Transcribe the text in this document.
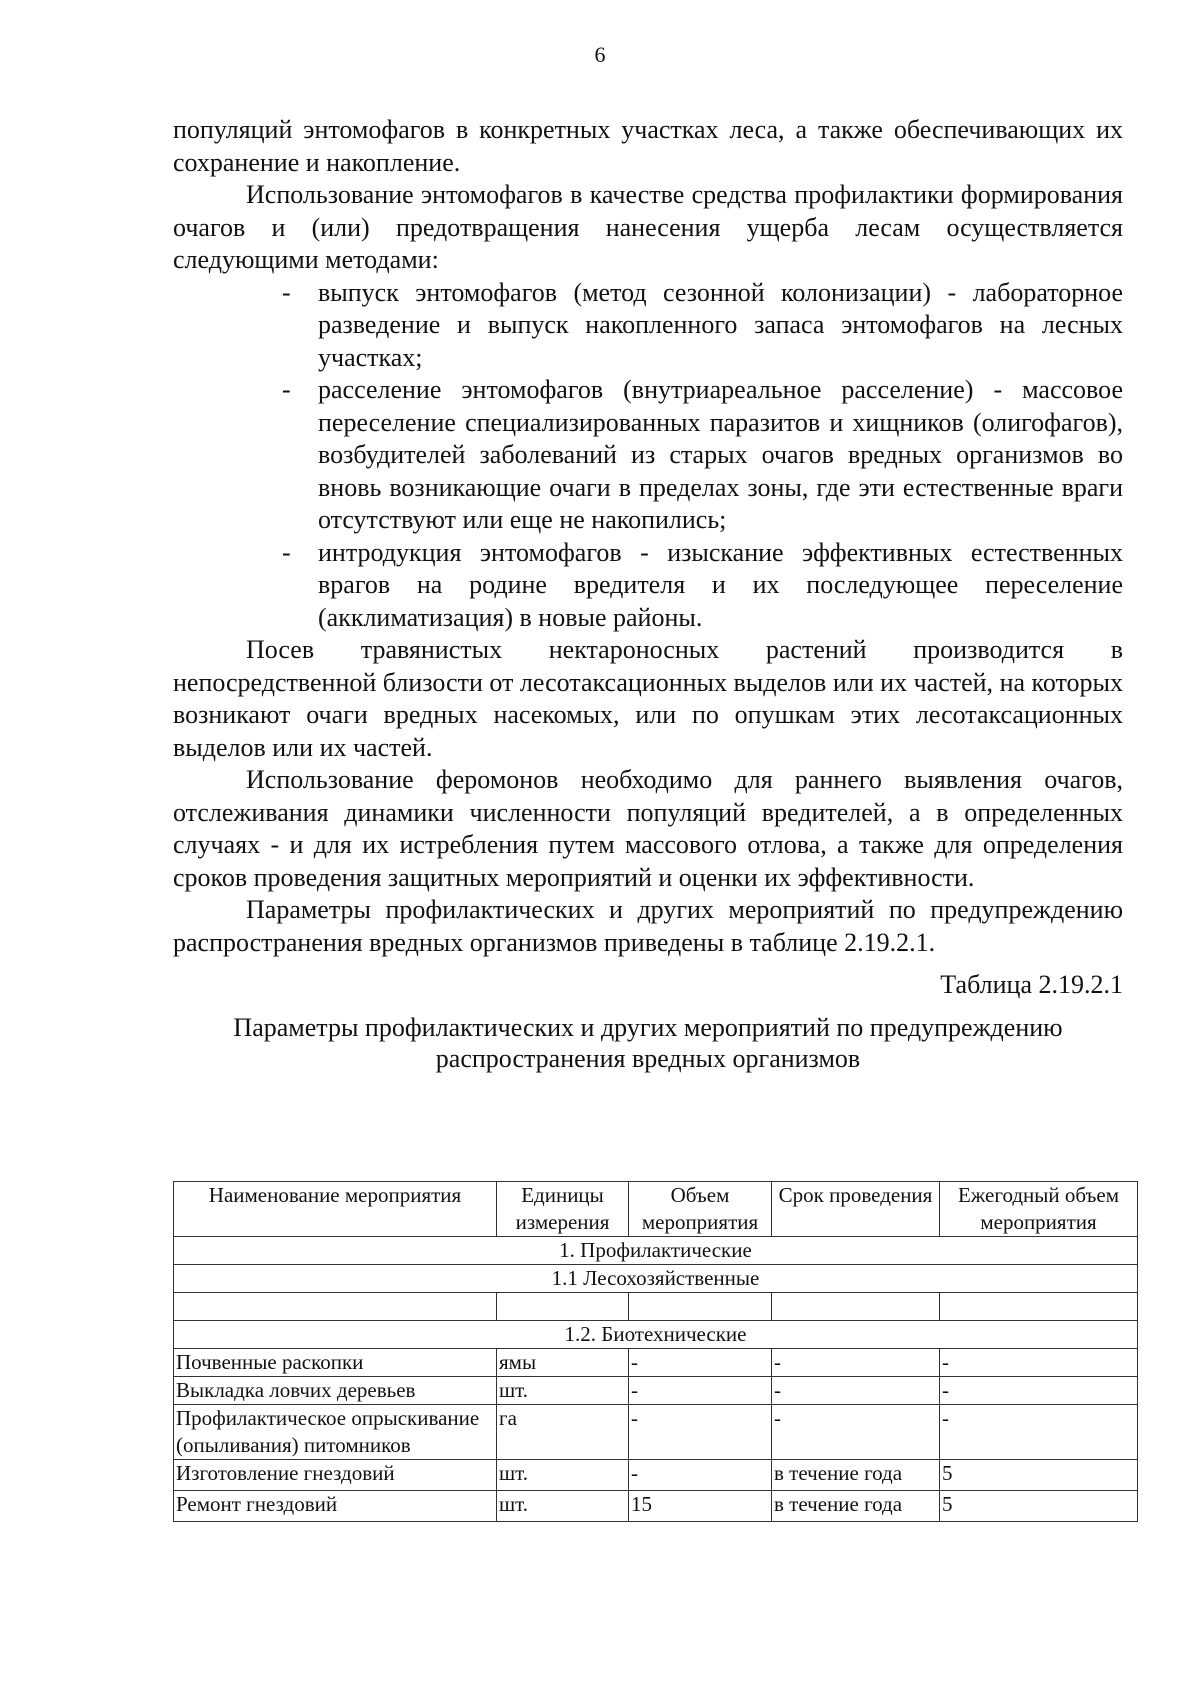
6

популяций энтомофагов в конкретных участках леса, а также обеспечивающих их сохранение и накопление.

Использование энтомофагов в качестве средства профилактики формирования очагов и (или) предотвращения нанесения ущерба лесам осуществляется следующими методами:

- выпуск энтомофагов (метод сезонной колонизации) - лабораторное разведение и выпуск накопленного запаса энтомофагов на лесных участках;
- расселение энтомофагов (внутриареальное расселение) - массовое переселение специализированных паразитов и хищников (олигофагов), возбудителей заболеваний из старых очагов вредных организмов во вновь возникающие очаги в пределах зоны, где эти естественные враги отсутствуют или еще не накопились;
- интродукция энтомофагов - изыскание эффективных естественных врагов на родине вредителя и их последующее переселение (акклиматизация) в новые районы.

Посев травянистых нектароносных растений производится в непосредственной близости от лесотаксационных выделов или их частей, на которых возникают очаги вредных насекомых, или по опушкам этих лесотаксационных выделов или их частей.

Использование феромонов необходимо для раннего выявления очагов, отслеживания динамики численности популяций вредителей, а в определенных случаях - и для их истребления путем массового отлова, а также для определения сроков проведения защитных мероприятий и оценки их эффективности.

Параметры профилактических и других мероприятий по предупреждению распространения вредных организмов приведены в таблице 2.19.2.1.

Таблица 2.19.2.1
Параметры профилактических и других мероприятий по предупреждению распространения вредных организмов
Наименование мероприятия	Единицы измерения	Объем мероприятия	Срок проведения	Ежегодный объем мероприятия
1. Профилактические				
1.1 Лесохозяйственные				

1.2. Биотехнические				
Почвенные раскопки	ямы	-	-	-
Выкладка ловчих деревьев	шт.	-	-	-
Профилактическое опрыскивание (опыливания) питомников	га	-	-	-
Изготовление гнездовий	шт.	-	в течение года	5
Ремонт гнездовий	шт.	15	в течение года	5
